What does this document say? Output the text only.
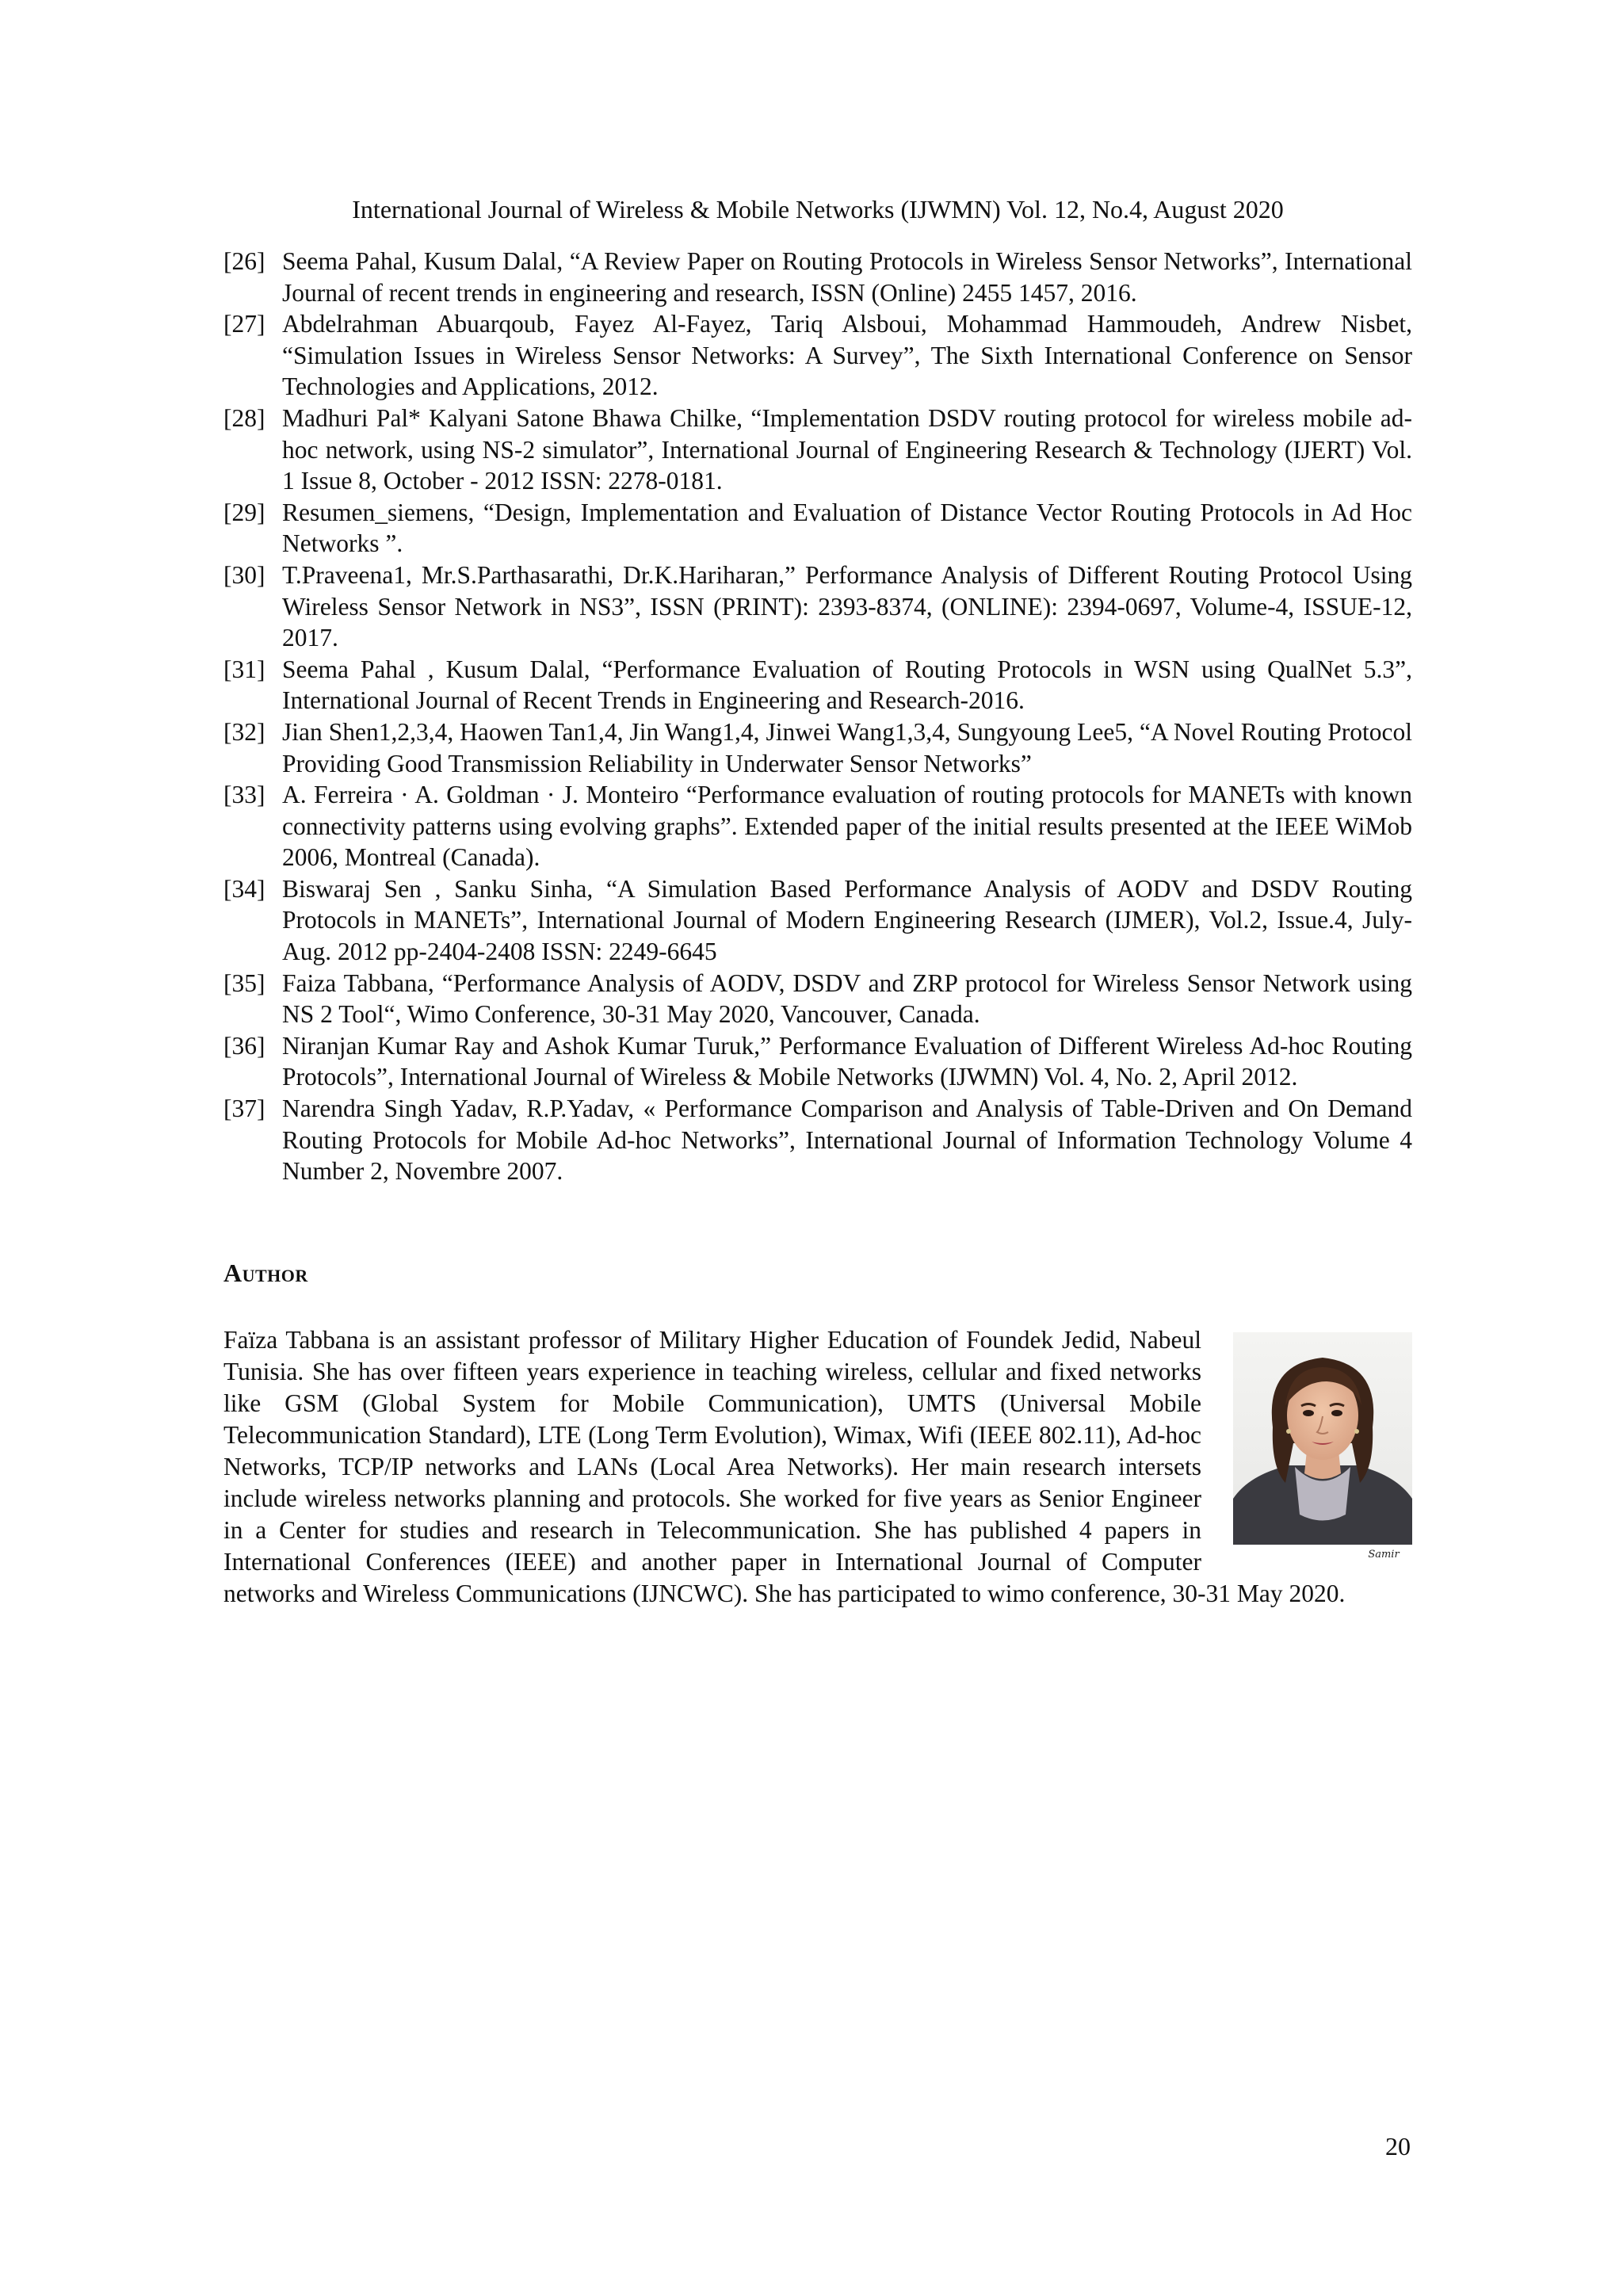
International Journal of Wireless & Mobile Networks (IJWMN) Vol. 12, No.4, August 2020
[26] Seema Pahal, Kusum Dalal, “A Review Paper on Routing Protocols in Wireless Sensor Networks”, International Journal of recent trends in engineering and research, ISSN (Online) 2455 1457, 2016.
[27] Abdelrahman Abuarqoub, Fayez Al-Fayez, Tariq Alsboui, Mohammad Hammoudeh, Andrew Nisbet, “Simulation Issues in Wireless Sensor Networks: A Survey”, The Sixth International Conference on Sensor Technologies and Applications, 2012.
[28] Madhuri Pal* Kalyani Satone Bhawa Chilke, “Implementation DSDV routing protocol for wireless mobile ad-hoc network, using NS-2 simulator”, International Journal of Engineering Research & Technology (IJERT) Vol. 1 Issue 8, October - 2012 ISSN: 2278-0181.
[29] Resumen_siemens, “Design, Implementation and Evaluation of Distance Vector Routing Protocols in Ad Hoc Networks ”.
[30] T.Praveena1, Mr.S.Parthasarathi, Dr.K.Hariharan,” Performance Analysis of Different Routing Protocol Using Wireless Sensor Network in NS3”, ISSN (PRINT): 2393-8374, (ONLINE): 2394-0697, Volume-4, ISSUE-12, 2017.
[31] Seema Pahal , Kusum Dalal, “Performance Evaluation of Routing Protocols in WSN using QualNet 5.3”, International Journal of Recent Trends in Engineering and Research-2016.
[32] Jian Shen1,2,3,4, Haowen Tan1,4, Jin Wang1,4, Jinwei Wang1,3,4, Sungyoung Lee5, “A Novel Routing Protocol Providing Good Transmission Reliability in Underwater Sensor Networks”
[33] A. Ferreira · A. Goldman · J. Monteiro “Performance evaluation of routing protocols for MANETs with known connectivity patterns using evolving graphs”. Extended paper of the initial results presented at the IEEE WiMob 2006, Montreal (Canada).
[34] Biswaraj Sen , Sanku Sinha, “A Simulation Based Performance Analysis of AODV and DSDV Routing Protocols in MANETs”, International Journal of Modern Engineering Research (IJMER), Vol.2, Issue.4, July-Aug. 2012 pp-2404-2408 ISSN: 2249-6645
[35] Faiza Tabbana, “Performance Analysis of AODV, DSDV and ZRP protocol for Wireless Sensor Network using NS 2 Tool“, Wimo Conference, 30-31 May 2020, Vancouver, Canada.
[36] Niranjan Kumar Ray and Ashok Kumar Turuk,” Performance Evaluation of Different Wireless Ad-hoc Routing Protocols”, International Journal of Wireless & Mobile Networks (IJWMN) Vol. 4, No. 2, April 2012.
[37] Narendra Singh Yadav, R.P.Yadav, « Performance Comparison and Analysis of Table-Driven and On Demand Routing Protocols for Mobile Ad-hoc Networks”, International Journal of Information Technology Volume 4 Number 2, Novembre 2007.
Author
Samir
Faïza Tabbana is an assistant professor of Military Higher Education of Foundek Jedid, Nabeul Tunisia. She has over fifteen years experience in teaching wireless, cellular and fixed networks like GSM (Global System for Mobile Communication), UMTS (Universal Mobile Telecommunication Standard), LTE (Long Term Evolution), Wimax, Wifi (IEEE 802.11), Ad-hoc Networks, TCP/IP networks and LANs (Local Area Networks). Her main research intersets include wireless networks planning and protocols. She worked for five years as Senior Engineer in a Center for studies and research in Telecommunication. She has published 4 papers in International Conferences (IEEE) and another paper in International Journal of Computer networks and Wireless Communications (IJNCWC). She has participated to wimo conference, 30-31 May 2020.
20
